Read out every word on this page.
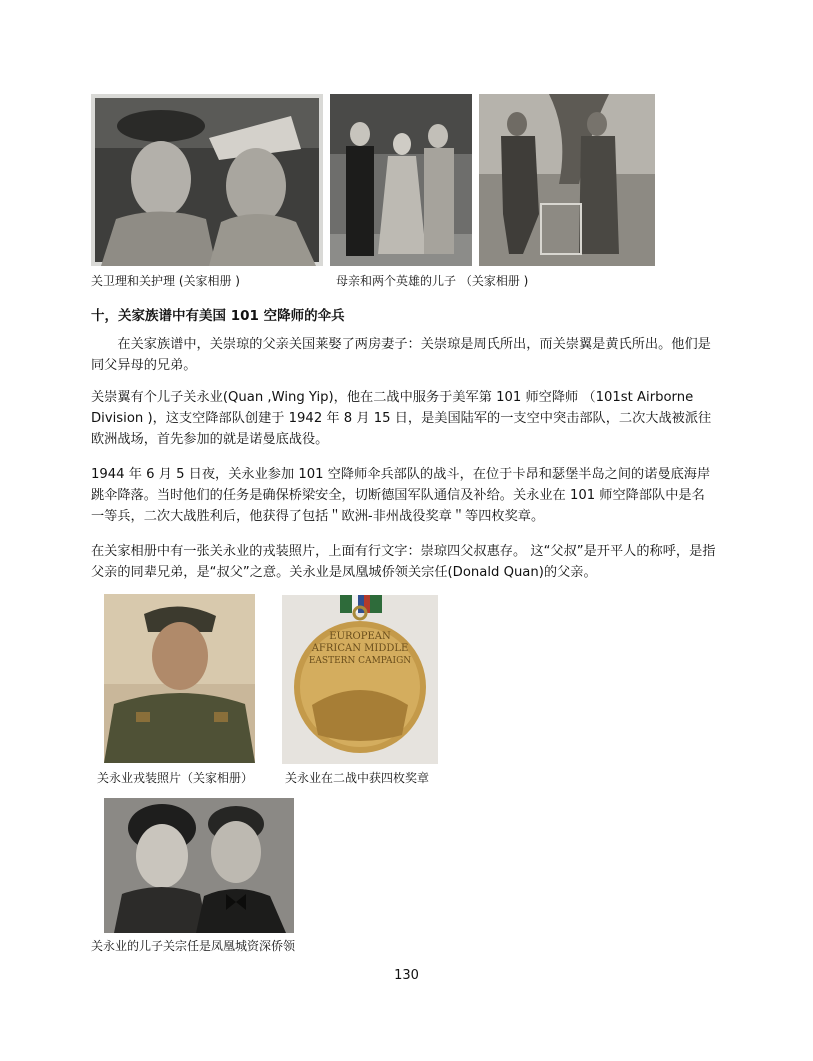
关卫理和关护理 (关家相册 )	母亲和两个英雄的儿子 （关家相册 )
十，关家族谱中有美国 101 空降师的伞兵

在关家族谱中，关崇琼的父亲关国莱娶了两房妻子：关崇琼是周氏所出，而关崇翼是黄氏所出。他们是同父异母的兄弟。

关崇翼有个儿子关永业(Quan ,Wing Yip)，他在二战中服务于美军第 101 师空降师 （101st Airborne Division )，这支空降部队创建于 1942 年 8 月 15 日，是美国陆军的一支空中突击部队，二次大战被派往欧洲战场，首先参加的就是诺曼底战役。

1944 年 6 月 5 日夜，关永业参加 101 空降师伞兵部队的战斗，在位于卡昂和瑟堡半岛之间的诺曼底海岸跳伞降落。当时他们的任务是确保桥梁安全，切断德国军队通信及补给。关永业在 101 师空降部队中是名一等兵，二次大战胜利后，他获得了包括＂欧洲-非州战役奖章＂等四枚奖章。

在关家相册中有一张关永业的戎装照片，上面有行文字：崇琼四父叔惠存。 这“父叔”是开平人的称呼，是指父亲的同辈兄弟，是“叔父”之意。关永业是凤凰城侨领关宗任(Donald Quan)的父亲。

EUROPEAN
AFRICAN MIDDLE
EASTERN CAMPAIGN
关永业戎装照片（关家相册）	关永业在二战中获四枚奖章
关永业的儿子关宗任是凤凰城资深侨领
130
